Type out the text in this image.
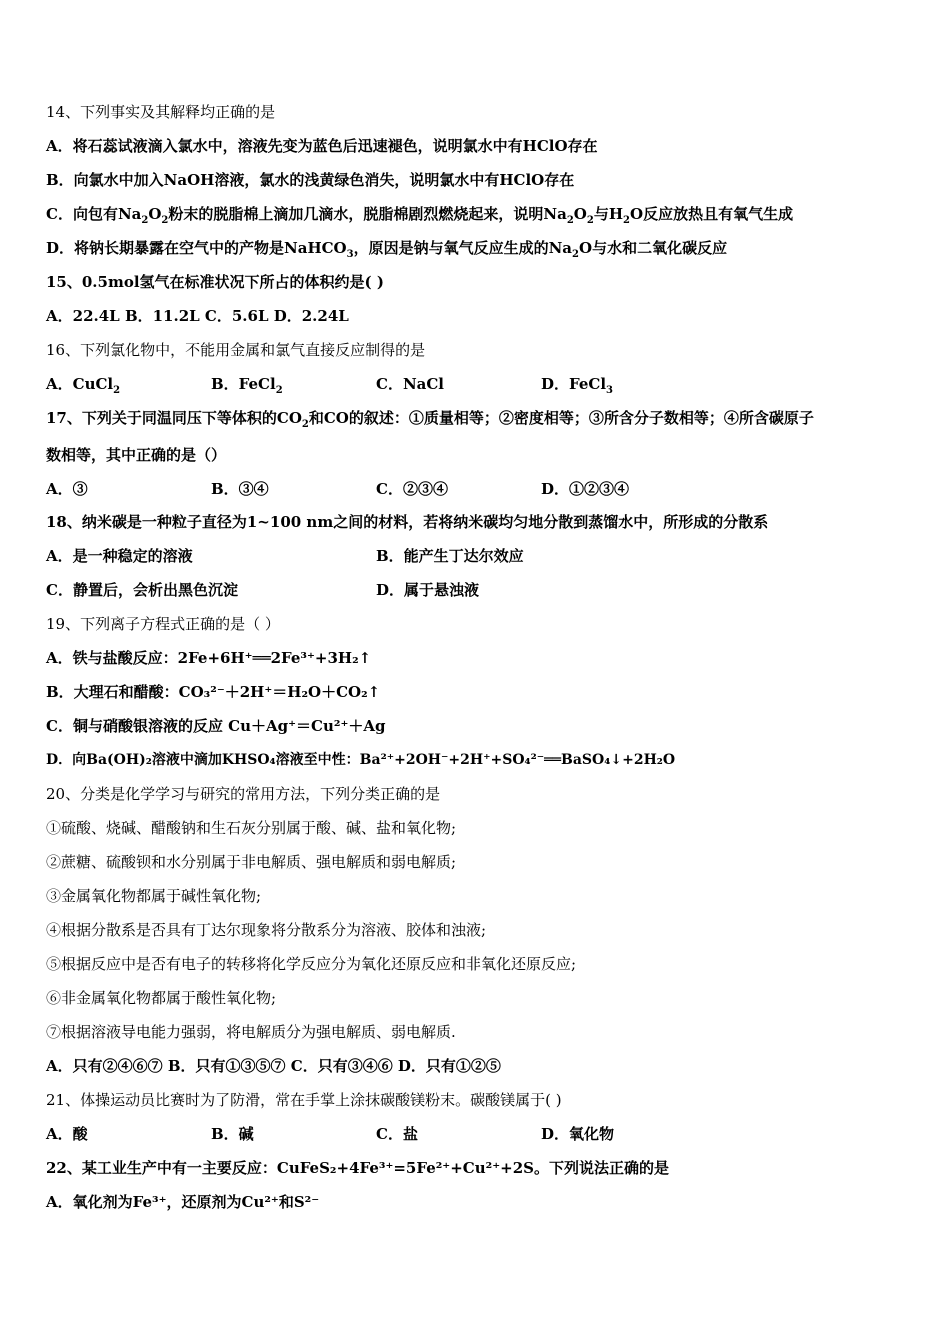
14、下列事实及其解释均正确的是
A．将石蕊试液滴入氯水中，溶液先变为蓝色后迅速褪色，说明氯水中有HClO存在
B．向氯水中加入NaOH溶液，氯水的浅黄绿色消失，说明氯水中有HClO存在
C．向包有$Na_2O_2$粉末的脱脂棉上滴加几滴水，脱脂棉剧烈燃烧起来，说明$Na_2O_2$与$H_2O$反应放热且有氧气生成
D．将钠长期暴露在空气中的产物是NaHCO$_3$，原因是钠与氧气反应生成的$Na_2O$与水和二氧化碳反应
15、0.5mol氢气在标准状况下所占的体积约是( )
A．22.4L B．11.2L C．5.6L D．2.24L
16、下列氯化物中，不能用金属和氯气直接反应制得的是
A．CuCl$_2$	B．FeCl$_2$	C．NaCl	D．FeCl$_3$
17、下列关于同温同压下等体积的$CO_2$和CO的叙述：①质量相等；②密度相等；③所含分子数相等；④所含碳原子
数相等，其中正确的是（）
A．③	B．③④	C．②③④	D．①②③④
18、纳米碳是一种粒子直径为1~100 nm之间的材料，若将纳米碳均匀地分散到蒸馏水中，所形成的分散系
A．是一种稳定的溶液	B．能产生丁达尔效应
C．静置后，会析出黑色沉淀	D．属于悬浊液
19、下列离子方程式正确的是（ ）
A．铁与盐酸反应：2Fe+6H⁺══2Fe³⁺+3H₂↑
B．大理石和醋酸：CO₃²⁻＋2H⁺＝H₂O＋CO₂↑
C．铜与硝酸银溶液的反应 Cu＋Ag⁺＝Cu²⁺＋Ag
D．向Ba(OH)₂溶液中滴加KHSO₄溶液至中性：Ba²⁺+2OH⁻+2H⁺+SO₄²⁻══BaSO₄↓+2H₂O
20、分类是化学学习与研究的常用方法，下列分类正确的是
①硫酸、烧碱、醋酸钠和生石灰分别属于酸、碱、盐和氧化物;
②蔗糖、硫酸钡和水分别属于非电解质、强电解质和弱电解质;
③金属氧化物都属于碱性氧化物;
④根据分散系是否具有丁达尔现象将分散系分为溶液、胶体和浊液;
⑤根据反应中是否有电子的转移将化学反应分为氧化还原反应和非氧化还原反应;
⑥非金属氧化物都属于酸性氧化物;
⑦根据溶液导电能力强弱，将电解质分为强电解质、弱电解质.
A．只有②④⑥⑦ B．只有①③⑤⑦ C．只有③④⑥ D．只有①②⑤
21、体操运动员比赛时为了防滑，常在手掌上涂抹碳酸镁粉末。碳酸镁属于( )
A．酸	B．碱	C．盐	D．氧化物
22、某工业生产中有一主要反应：CuFeS₂+4Fe³⁺=5Fe²⁺+Cu²⁺+2S。下列说法正确的是
A．氧化剂为Fe³⁺，还原剂为Cu²⁺和S²⁻
